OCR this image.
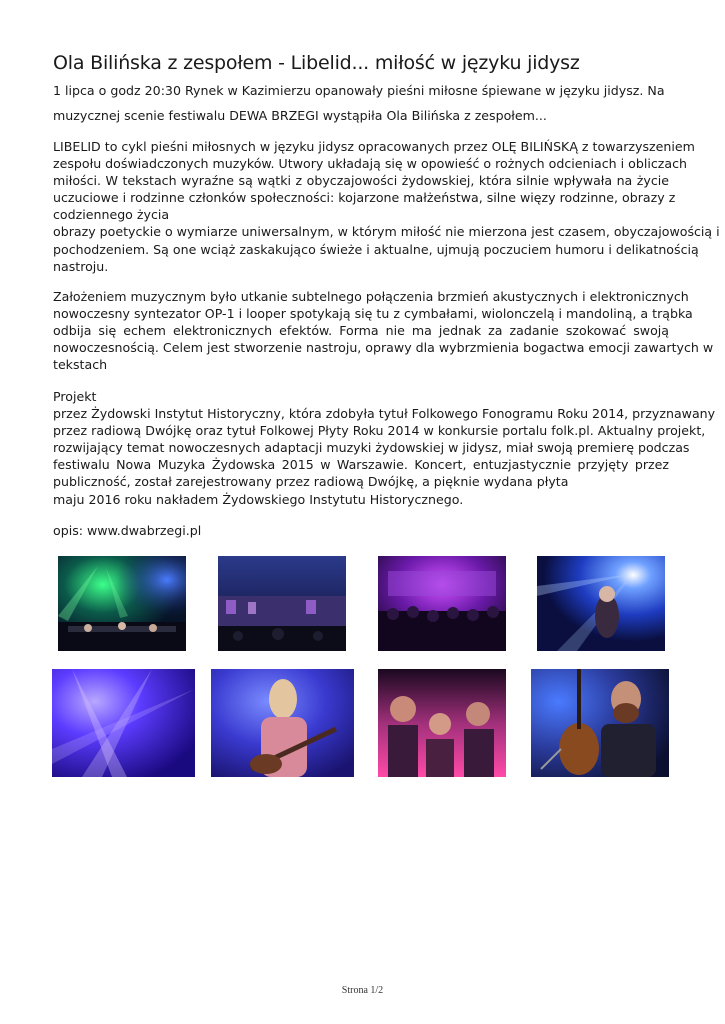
Ola Bilińska z zespołem - Libelid... miłość w języku jidysz
1 lipca o godz 20:30 Rynek w Kazimierzu opanowały pieśni miłosne śpiewane w języku jidysz. Na
muzycznej scenie festiwalu DEWA BRZEGI wystąpiła Ola Bilińska z zespołem...
LIBELID to cykl pieśni miłosnych w języku jidysz opracowanych przez OLĘ BILIŃSKĄ z towarzyszeniem
zespołu doświadczonych muzyków. Utwory układają się w opowieść o rożnych odcieniach i obliczach
miłości. W tekstach wyraźne są wątki z obyczajowości żydowskiej, która silnie wpływała na życie
uczuciowe i rodzinne członków społeczności: kojarzone małżeństwa, silne więzy rodzinne, obrazy z
codziennego życia
obrazy poetyckie o wymiarze uniwersalnym, w którym miłość nie mierzona jest czasem, obyczajowością i
pochodzeniem. Są one wciąż zaskakująco świeże i aktualne, ujmują poczuciem humoru i delikatnością
nastroju.
Założeniem muzycznym było utkanie subtelnego połączenia brzmień akustycznych i elektronicznych
nowoczesny syntezator OP-1 i looper spotykają się tu z cymbałami, wiolonczelą i mandoliną, a trąbka
odbija się echem elektronicznych efektów. Forma nie ma jednak za zadanie szokować swoją
nowoczesnością. Celem jest stworzenie nastroju, oprawy dla wybrzmienia bogactwa emocji zawartych w
tekstach
Projekt
przez Żydowski Instytut Historyczny, która zdobyła tytuł Folkowego Fonogramu Roku 2014, przyznawany
przez radiową Dwójkę oraz tytuł Folkowej Płyty Roku 2014 w konkursie portalu folk.pl. Aktualny projekt,
rozwijający temat nowoczesnych adaptacji muzyki żydowskiej w jidysz, miał swoją premierę podczas
festiwalu Nowa Muzyka Żydowska 2015 w Warszawie. Koncert, entuzjastycznie przyjęty przez
publiczność, został zarejestrowany przez radiową Dwójkę, a pięknie wydana płyta
maju 2016 roku nakładem Żydowskiego Instytutu Historycznego.
opis: www.dwabrzegi.pl
Strona 1/2
